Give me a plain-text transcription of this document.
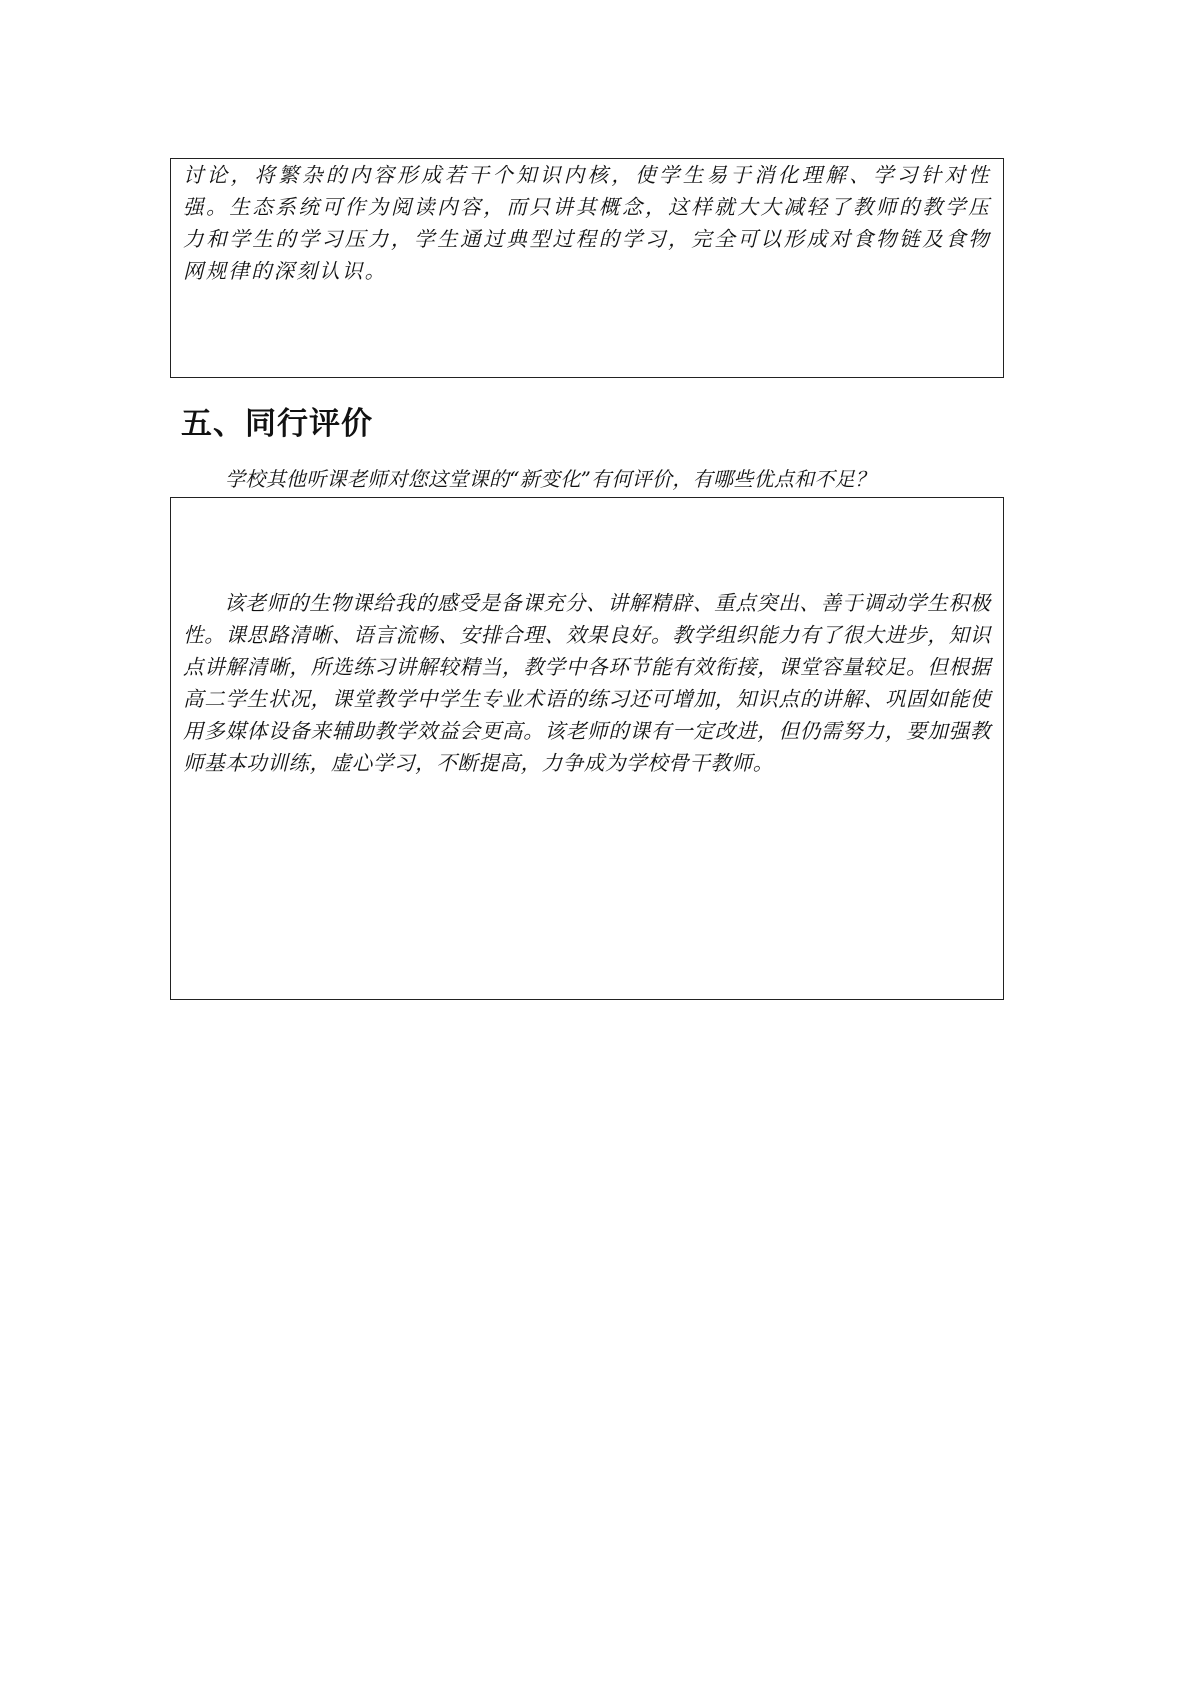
讨论，将繁杂的内容形成若干个知识内核，使学生易于消化理解、学习针对性强。生态系统可作为阅读内容，而只讲其概念，这样就大大减轻了教师的教学压力和学生的学习压力，学生通过典型过程的学习，完全可以形成对食物链及食物网规律的深刻认识。

五、同行评价

学校其他听课老师对您这堂课的“新变化”有何评价，有哪些优点和不足？

该老师的生物课给我的感受是备课充分、讲解精辟、重点突出、善于调动学生积极性。课思路清晰、语言流畅、安排合理、效果良好。教学组织能力有了很大进步，知识点讲解清晰，所选练习讲解较精当，教学中各环节能有效衔接，课堂容量较足。但根据高二学生状况，课堂教学中学生专业术语的练习还可增加，知识点的讲解、巩固如能使用多媒体设备来辅助教学效益会更高。该老师的课有一定改进，但仍需努力，要加强教师基本功训练，虚心学习，不断提高，力争成为学校骨干教师。
